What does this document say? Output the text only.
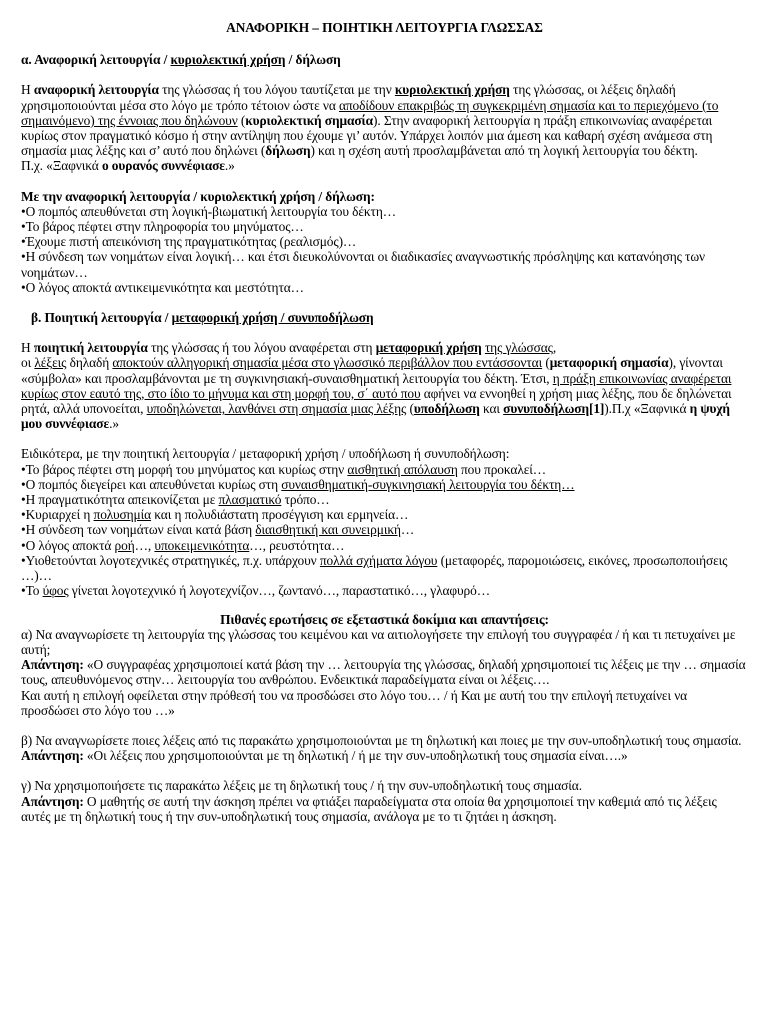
ΑΝΑΦΟΡΙΚΗ – ΠΟΙΗΤΙΚΗ ΛΕΙΤΟΥΡΓΙΑ ΓΛΩΣΣΑΣ

α. Αναφορική λειτουργία / κυριολεκτική χρήση / δήλωση

Η αναφορική λειτουργία της γλώσσας ή του λόγου ταυτίζεται με την κυριολεκτική χρήση της γλώσσας, οι λέξεις δηλαδή χρησιμοποιούνται μέσα στο λόγο με τρόπο τέτοιον ώστε να αποδίδουν επακριβώς τη συγκεκριμένη σημασία και το περιεχόμενο (το σημαινόμενο) της έννοιας που δηλώνουν (κυριολεκτική σημασία). Στην αναφορική λειτουργία η πράξη επικοινωνίας αναφέρεται κυρίως στον πραγματικό κόσμο ή στην αντίληψη που έχουμε γι’ αυτόν. Υπάρχει λοιπόν μια άμεση και καθαρή σχέση ανάμεσα στη σημασία μιας λέξης και σ’ αυτό που δηλώνει (δήλωση) και η σχέση αυτή προσλαμβάνεται από τη λογική λειτουργία του δέκτη.

Π.χ. «Ξαφνικά ο ουρανός συννέφιασε.»

Με την αναφορική λειτουργία / κυριολεκτική χρήση / δήλωση:

•Ο πομπός απευθύνεται στη λογική-βιωματική λειτουργία του δέκτη…

•Το βάρος πέφτει στην πληροφορία του μηνύματος…

•Έχουμε πιστή απεικόνιση της πραγματικότητας (ρεαλισμός)…

•Η σύνδεση των νοημάτων είναι λογική… και έτσι διευκολύνονται οι διαδικασίες αναγνωστικής πρόσληψης και κατανόησης των νοημάτων…

•Ο λόγος αποκτά αντικειμενικότητα και μεστότητα…

β. Ποιητική λειτουργία / μεταφορική χρήση / συνυποδήλωση

Η ποιητική λειτουργία της γλώσσας ή του λόγου αναφέρεται στη μεταφορική χρήση της γλώσσας,
οι λέξεις δηλαδή αποκτούν αλληγορική σημασία μέσα στο γλωσσικό περιβάλλον που εντάσσονται (μεταφορική σημασία), γίνονται «σύμβολα» και προσλαμβάνονται με τη συγκινησιακή-συναισθηματική λειτουργία του δέκτη. Έτσι, η πράξη επικοινωνίας αναφέρεται κυρίως στον εαυτό της, στο ίδιο το μήνυμα και στη μορφή του, σ΄ αυτό που αφήνει να εννοηθεί η χρήση μιας λέξης, που δε δηλώνεται ρητά, αλλά υπονοείται, υποδηλώνεται, λανθάνει στη σημασία μιας λέξης (υποδήλωση και συνυποδήλωση[1]).Π.χ «Ξαφνικά η ψυχή μου συννέφιασε.»

Ειδικότερα, με την ποιητική λειτουργία / μεταφορική χρήση / υποδήλωση ή συνυποδήλωση:

•Το βάρος πέφτει στη μορφή του μηνύματος και κυρίως στην αισθητική απόλαυση που προκαλεί…

•Ο πομπός διεγείρει και απευθύνεται κυρίως στη συναισθηματική-συγκινησιακή λειτουργία του δέκτη…

•Η πραγματικότητα απεικονίζεται με πλασματικό τρόπο…

•Κυριαρχεί η πολυσημία και η πολυδιάστατη προσέγγιση και ερμηνεία…

•Η σύνδεση των νοημάτων είναι κατά βάση διαισθητική και συνειρμική…

•Ο λόγος αποκτά ροή…, υποκειμενικότητα…, ρευστότητα…

•Υιοθετούνται λογοτεχνικές στρατηγικές, π.χ. υπάρχουν πολλά σχήματα λόγου (μεταφορές, παρομοιώσεις, εικόνες, προσωποποιήσεις …)…

•Το ύφος γίνεται λογοτεχνικό ή λογοτεχνίζον…, ζωντανό…, παραστατικό…, γλαφυρό…

Πιθανές ερωτήσεις σε εξεταστικά δοκίμια και απαντήσεις:

α) Να αναγνωρίσετε τη λειτουργία της γλώσσας του κειμένου και να αιτιολογήσετε την επιλογή του συγγραφέα / ή και τι πετυχαίνει με αυτή;

Απάντηση: «Ο συγγραφέας χρησιμοποιεί κατά βάση την … λειτουργία της γλώσσας, δηλαδή χρησιμοποιεί τις λέξεις με την … σημασία τους, απευθυνόμενος στην… λειτουργία του ανθρώπου. Ενδεικτικά παραδείγματα είναι οι λέξεις….

Και αυτή η επιλογή οφείλεται στην πρόθεσή του να προσδώσει στο λόγο του… / ή Και με αυτή του την επιλογή πετυχαίνει να προσδώσει στο λόγο του …»

β) Να αναγνωρίσετε ποιες λέξεις από τις παρακάτω χρησιμοποιούνται με τη δηλωτική και ποιες με την συν-υποδηλωτική τους σημασία.

Απάντηση: «Οι λέξεις που χρησιμοποιούνται με τη δηλωτική / ή με την συν-υποδηλωτική τους σημασία είναι….»

γ) Να χρησιμοποιήσετε τις παρακάτω λέξεις με τη δηλωτική τους / ή την συν-υποδηλωτική τους σημασία.

Απάντηση: Ο μαθητής σε αυτή την άσκηση πρέπει να φτιάξει παραδείγματα στα οποία θα χρησιμοποιεί την καθεμιά από τις λέξεις αυτές με τη δηλωτική τους ή την συν-υποδηλωτική τους σημασία, ανάλογα με το τι ζητάει η άσκηση.
